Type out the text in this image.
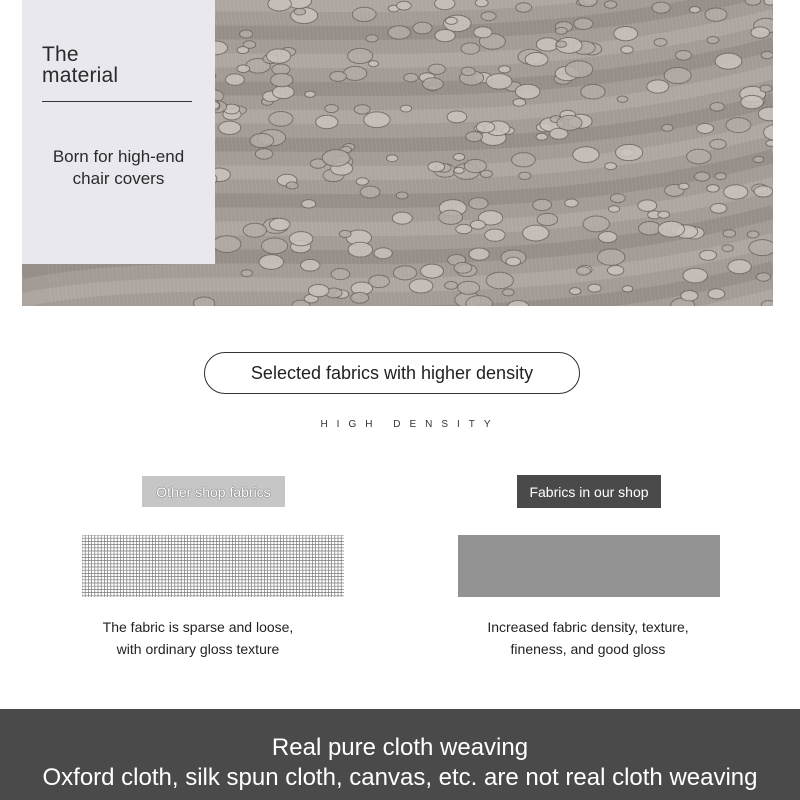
The
material
Born for high-end
chair covers
Selected fabrics with higher density
HIGH DENSITY
Other shop fabrics	Fabrics in our shop
The fabric is sparse and loose,
with ordinary gloss texture
Increased fabric density, texture,
fineness, and good gloss
Real pure cloth weaving
Oxford cloth, silk spun cloth, canvas, etc. are not real cloth weaving
